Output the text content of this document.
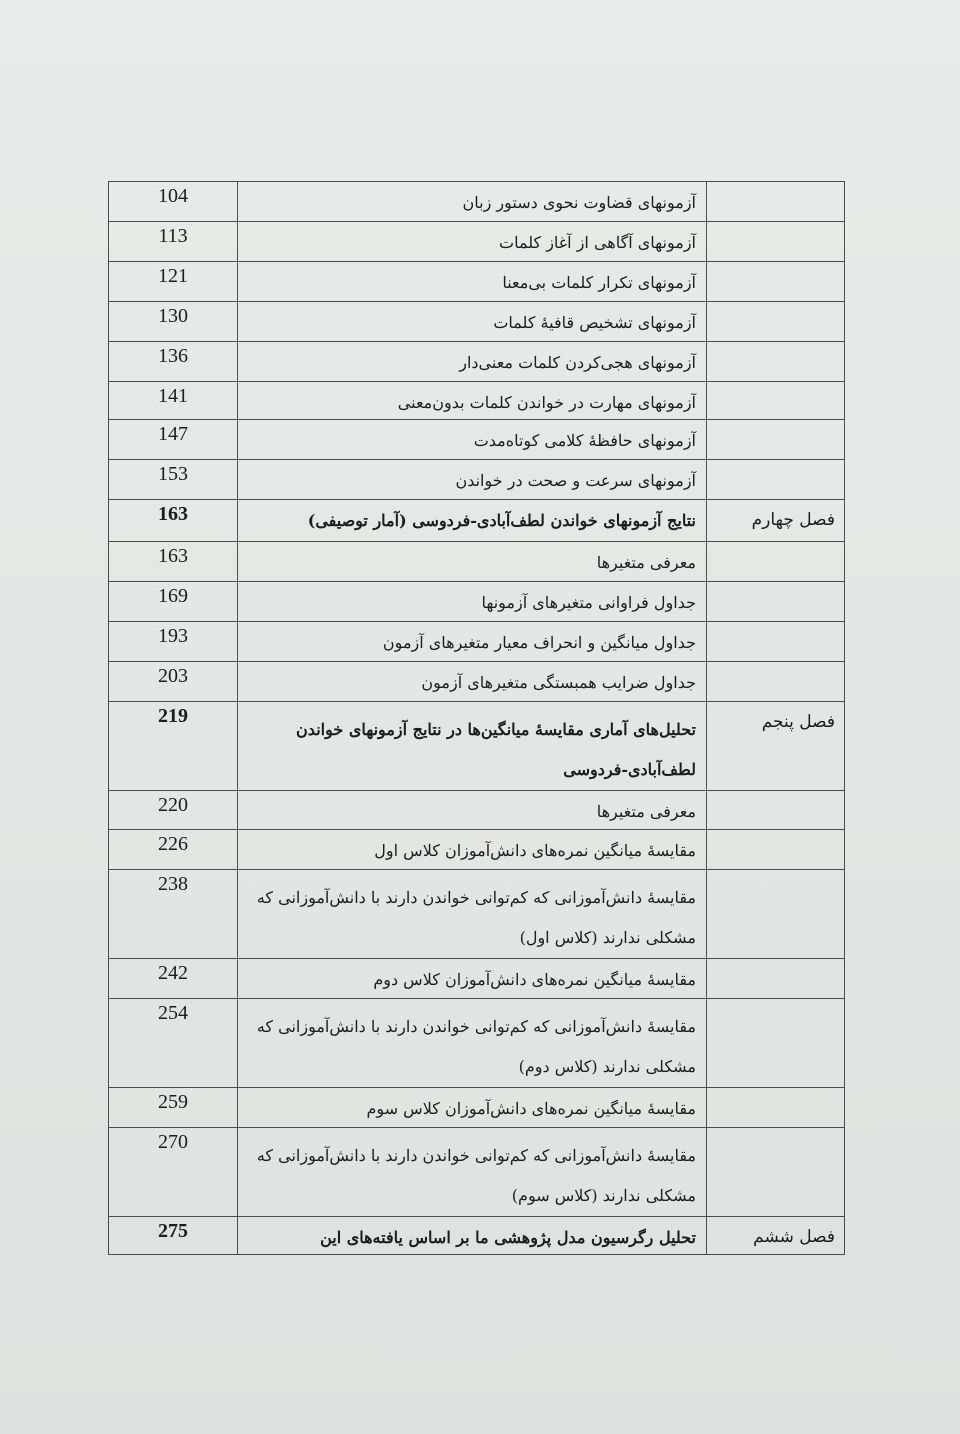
104	آزمونهای قضاوت نحوی دستور زبان	
113	آزمونهای آگاهی از آغاز کلمات	
121	آزمونهای تکرار کلمات بی‌معنا	
130	آزمونهای تشخیص قافیهٔ کلمات	
136	آزمونهای هجی‌کردن کلمات معنی‌دار	
141	آزمونهای مهارت در خواندن کلمات بدون‌معنی	
147	آزمونهای حافظهٔ کلامی کوتاه‌مدت	
153	آزمونهای سرعت و صحت در خواندن	
163	نتایج آزمونهای خواندن لطف‌آبادی-فردوسی (آمار توصیفی)	فصل چهارم
163	معرفی متغیرها	
169	جداول فراوانی متغیرهای آزمونها	
193	جداول میانگین و انحراف معیار متغیرهای آزمون	
203	جداول ضرایب همبستگی متغیرهای آزمون	
219	تحلیل‌های آماری مقایسهٔ میانگین‌ها در نتایج آزمونهای خواندن لطف‌آبادی-فردوسی	فصل پنجم
220	معرفی متغیرها	
226	مقایسهٔ میانگین نمره‌های دانش‌آموزان کلاس اول	
238	مقایسهٔ دانش‌آموزانی که کم‌توانی خواندن دارند با دانش‌آموزانی که مشکلی ندارند (کلاس اول)	
242	مقایسهٔ میانگین نمره‌های دانش‌آموزان کلاس دوم	
254	مقایسهٔ دانش‌آموزانی که کم‌توانی خواندن دارند با دانش‌آموزانی که مشکلی ندارند (کلاس دوم)	
259	مقایسهٔ میانگین نمره‌های دانش‌آموزان کلاس سوم	
270	مقایسهٔ دانش‌آموزانی که کم‌توانی خواندن دارند با دانش‌آموزانی که مشکلی ندارند (کلاس سوم)	
275	تحلیل رگرسیون مدل پژوهشی ما بر اساس یافته‌های این	فصل ششم
